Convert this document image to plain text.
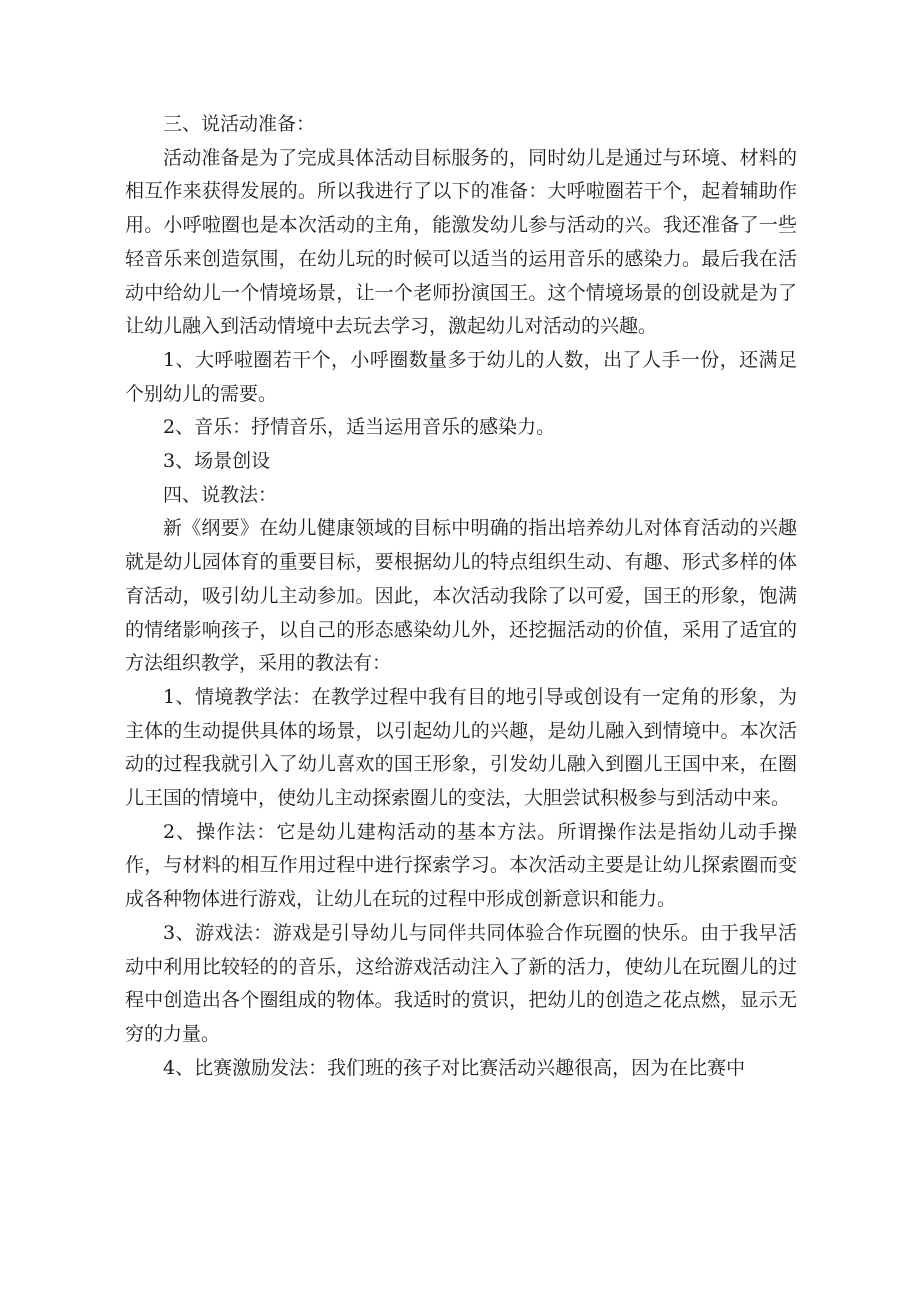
三、说活动准备：

活动准备是为了完成具体活动目标服务的，同时幼儿是通过与环境、材料的相互作来获得发展的。所以我进行了以下的准备：大呼啦圈若干个，起着辅助作用。小呼啦圈也是本次活动的主角，能激发幼儿参与活动的兴。我还准备了一些轻音乐来创造氛围，在幼儿玩的时候可以适当的运用音乐的感染力。最后我在活动中给幼儿一个情境场景，让一个老师扮演国王。这个情境场景的创设就是为了让幼儿融入到活动情境中去玩去学习，激起幼儿对活动的兴趣。

1、大呼啦圈若干个，小呼圈数量多于幼儿的人数，出了人手一份，还满足个别幼儿的需要。

2、音乐：抒情音乐，适当运用音乐的感染力。

3、场景创设

四、说教法：

新《纲要》在幼儿健康领域的目标中明确的指出培养幼儿对体育活动的兴趣就是幼儿园体育的重要目标，要根据幼儿的特点组织生动、有趣、形式多样的体育活动，吸引幼儿主动参加。因此，本次活动我除了以可爱，国王的形象，饱满的情绪影响孩子，以自己的形态感染幼儿外，还挖掘活动的价值，采用了适宜的方法组织教学，采用的教法有：

1、情境教学法：在教学过程中我有目的地引导或创设有一定角的形象，为主体的生动提供具体的场景，以引起幼儿的兴趣，是幼儿融入到情境中。本次活动的过程我就引入了幼儿喜欢的国王形象，引发幼儿融入到圈儿王国中来，在圈儿王国的情境中，使幼儿主动探索圈儿的变法，大胆尝试积极参与到活动中来。

2、操作法：它是幼儿建构活动的基本方法。所谓操作法是指幼儿动手操作，与材料的相互作用过程中进行探索学习。本次活动主要是让幼儿探索圈而变成各种物体进行游戏，让幼儿在玩的过程中形成创新意识和能力。

3、游戏法：游戏是引导幼儿与同伴共同体验合作玩圈的快乐。由于我早活动中利用比较轻的的音乐，这给游戏活动注入了新的活力，使幼儿在玩圈儿的过程中创造出各个圈组成的物体。我适时的赏识，把幼儿的创造之花点燃，显示无穷的力量。

4、比赛激励发法：我们班的孩子对比赛活动兴趣很高，因为在比赛中
